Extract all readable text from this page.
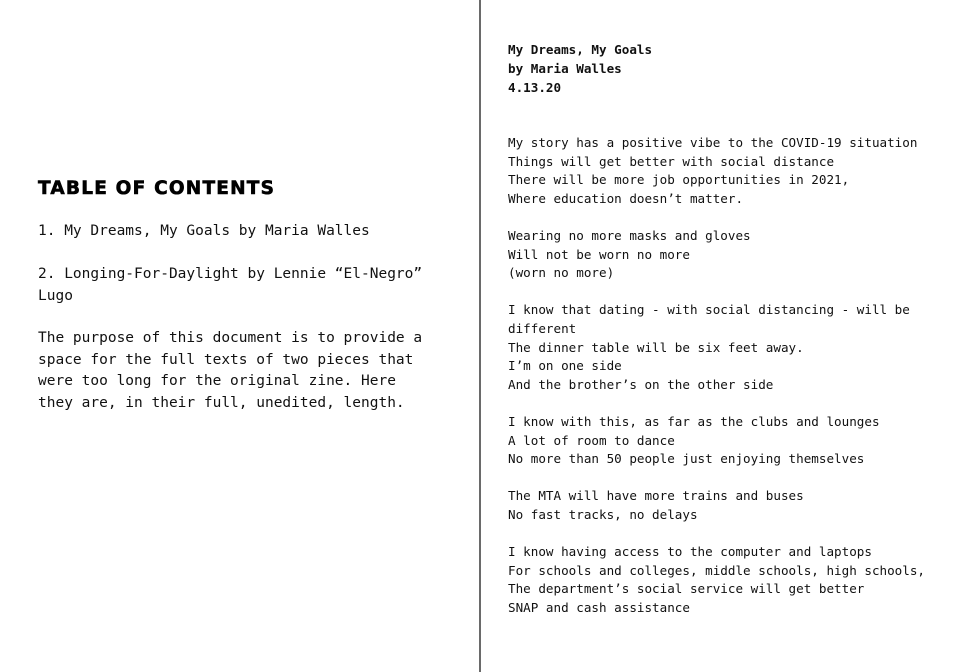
TABLE OF CONTENTS
1. My Dreams, My Goals by Maria Walles
2. Longing-For-Daylight by Lennie “El-Negro” Lugo

The purpose of this document is to provide a space for the full texts of two pieces that were too long for the original zine. Here they are, in their full, unedited, length.

My Dreams, My Goals
by Maria Walles
4.13.20
My story has a positive vibe to the COVID-19 situation
Things will get better with social distance
There will be more job opportunities in 2021,
Where education doesn’t matter.
Wearing no more masks and gloves
Will not be worn no more
(worn no more)
I know that dating - with social distancing - will be different
The dinner table will be six feet away.
I’m on one side
And the brother’s on the other side
I know with this, as far as the clubs and lounges
A lot of room to dance
No more than 50 people just enjoying themselves
The MTA will have more trains and buses
No fast tracks, no delays
I know having access to the computer and laptops
For schools and colleges, middle schools, high schools,
The department’s social service will get better
SNAP and cash assistance
